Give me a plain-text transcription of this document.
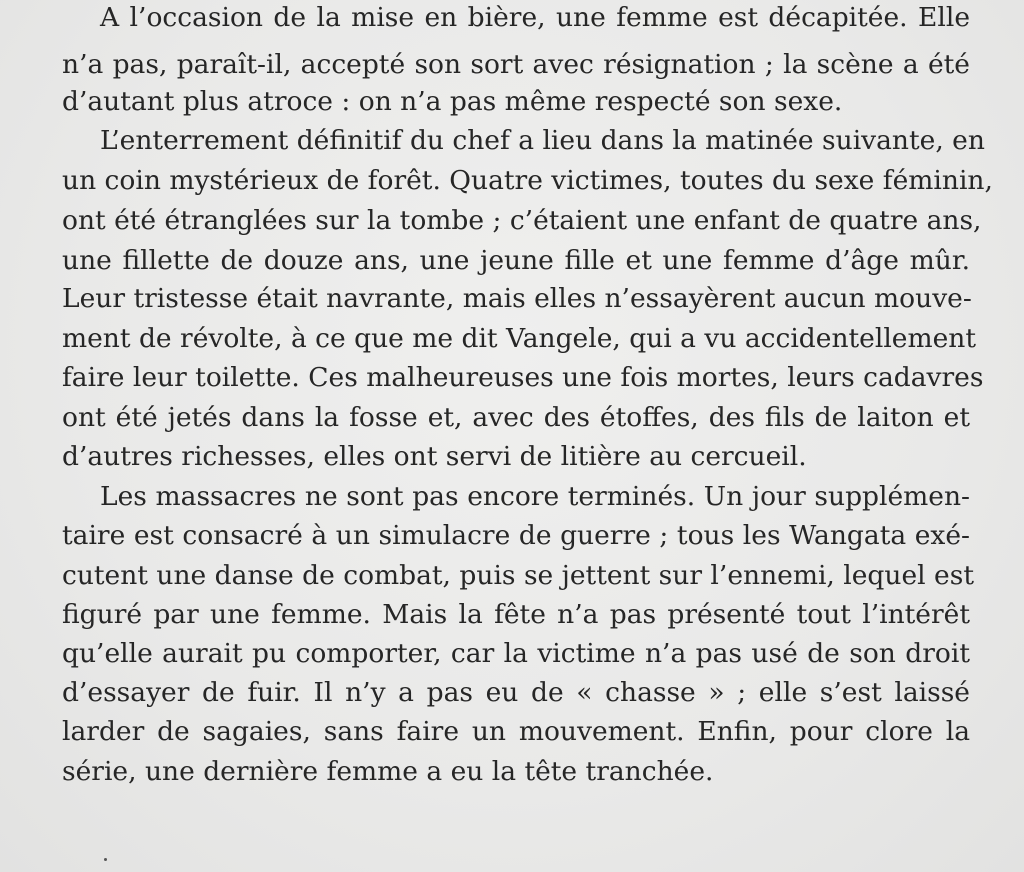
A l’occasion de la mise en bière, une femme est décapitée. Elle
n’a pas, paraît-il, accepté son sort avec résignation ; la scène a été
d’autant plus atroce : on n’a pas même respecté son sexe.
L’enterrement définitif du chef a lieu dans la matinée suivante, en
un coin mystérieux de forêt. Quatre victimes, toutes du sexe féminin,
ont été étranglées sur la tombe ; c’étaient une enfant de quatre ans,
une fillette de douze ans, une jeune fille et une femme d’âge mûr.
Leur tristesse était navrante, mais elles n’essayèrent aucun mouve-
ment de révolte, à ce que me dit Vangele, qui a vu accidentellement
faire leur toilette. Ces malheureuses une fois mortes, leurs cadavres
ont été jetés dans la fosse et, avec des étoffes, des fils de laiton et
d’autres richesses, elles ont servi de litière au cercueil.
Les massacres ne sont pas encore terminés. Un jour supplémen-
taire est consacré à un simulacre de guerre ; tous les Wangata exé-
cutent une danse de combat, puis se jettent sur l’ennemi, lequel est
figuré par une femme. Mais la fête n’a pas présenté tout l’intérêt
qu’elle aurait pu comporter, car la victime n’a pas usé de son droit
d’essayer de fuir. Il n’y a pas eu de « chasse » ; elle s’est laissé
larder de sagaies, sans faire un mouvement. Enfin, pour clore la
série, une dernière femme a eu la tête tranchée.
